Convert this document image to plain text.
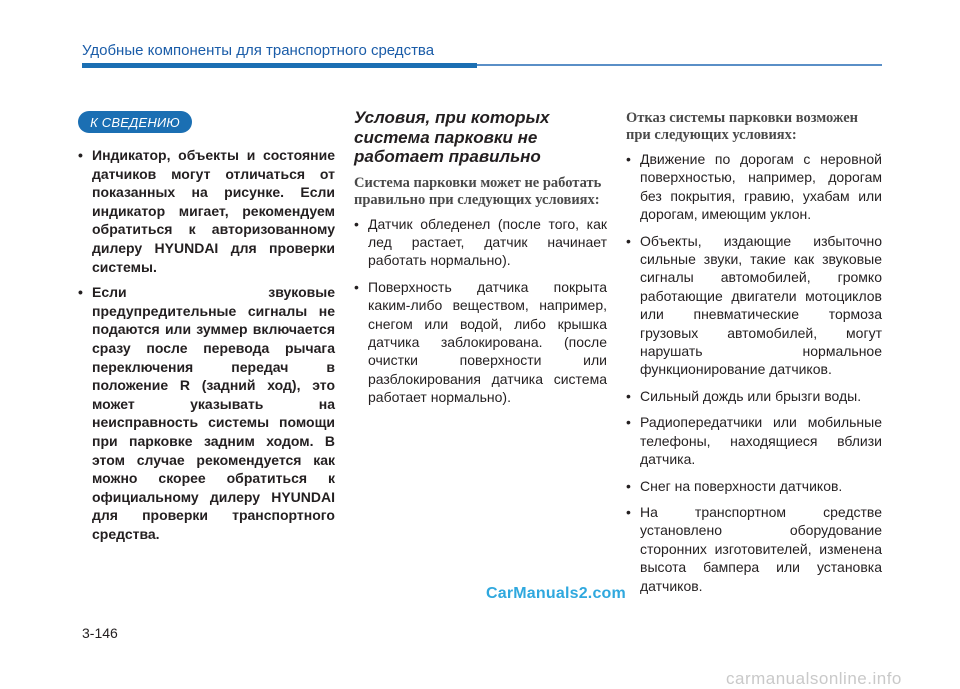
Удобные компоненты для транспортного средства
К СВЕДЕНИЮ
• Индикатор, объекты и состояние датчиков могут отличаться от показанных на рисунке. Если индикатор мигает, рекомендуем обратиться к авторизованному дилеру HYUNDAI для проверки системы.
• Если звуковые предупредительные сигналы не подаются или зуммер включается сразу после перевода рычага переключения передач в положение R (задний ход), это может указывать на неисправность системы помощи при парковке задним ходом. В этом случае рекомендуется как можно скорее обратиться к официальному дилеру HYUNDAI для проверки транспортного средства.
Условия, при которых система парковки не работает правильно
Система парковки может не работать правильно при следующих условиях:
• Датчик обледенел (после того, как лед растает, датчик начинает работать нормально).
• Поверхность датчика покрыта каким-либо веществом, например, снегом или водой, либо крышка датчика заблокирована. (после очистки поверхности или разблокирования датчика система работает нормально).
Отказ системы парковки возможен при следующих условиях:
• Движение по дорогам с неровной поверхностью, например, дорогам без покрытия, гравию, ухабам или дорогам, имеющим уклон.
• Объекты, издающие избыточно сильные звуки, такие как звуковые сигналы автомобилей, громко работающие двигатели мотоциклов или пневматические тормоза грузовых автомобилей, могут нарушать нормальное функционирование датчиков.
• Сильный дождь или брызги воды.
• Радиопередатчики или мобильные телефоны, находящиеся вблизи датчика.
• Снег на поверхности датчиков.
• На транспортном средстве установлено оборудование сторонних изготовителей, изменена высота бампера или установка датчиков.
CarManuals2.com
3-146
carmanualsonline.info
